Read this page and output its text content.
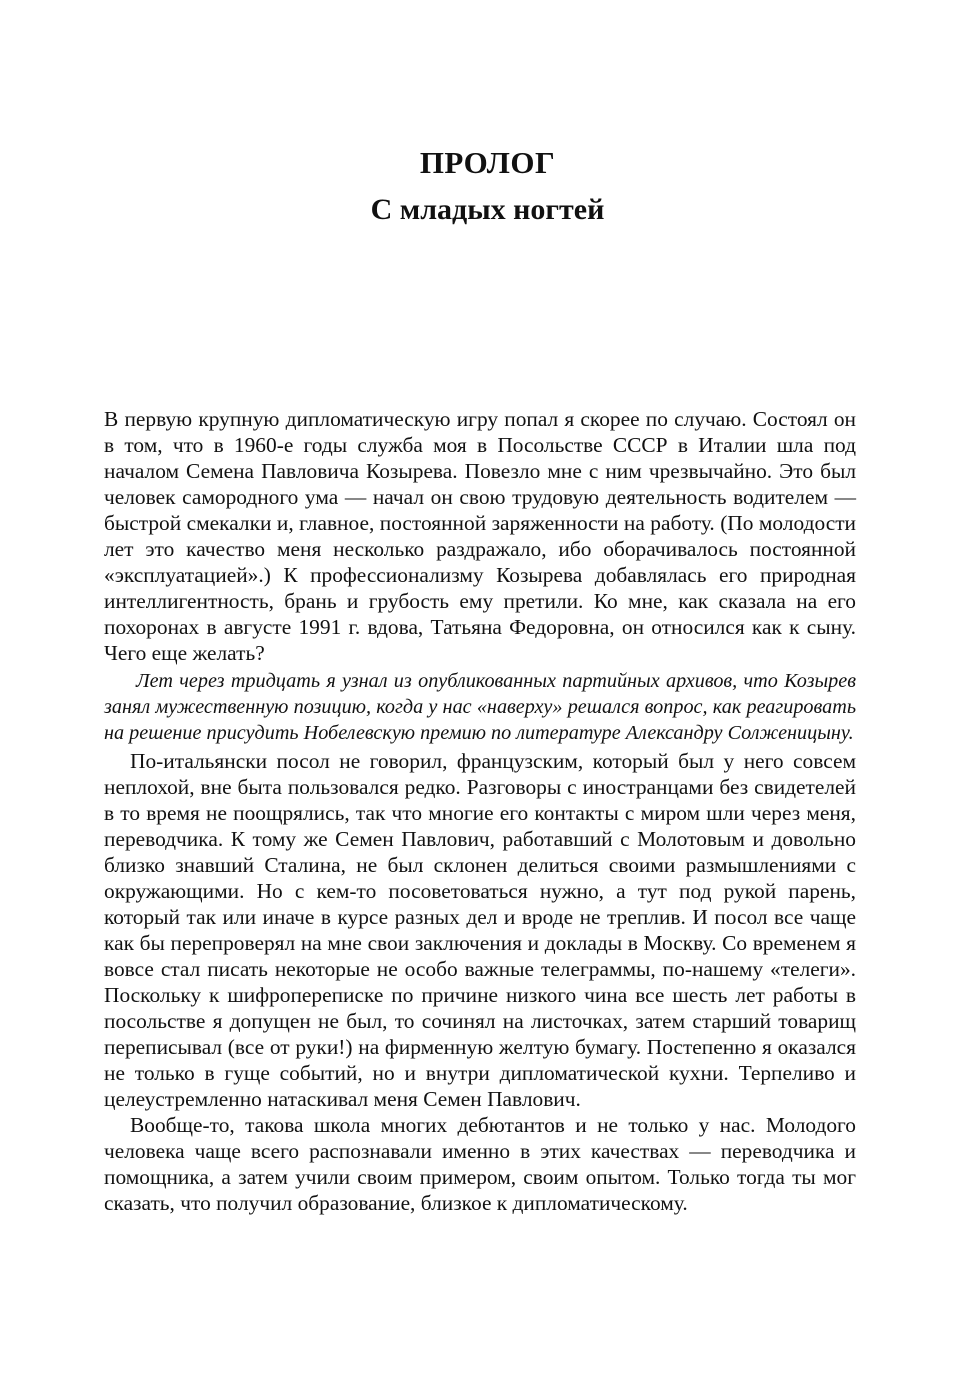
ПРОЛОГ
С младых ногтей

В первую крупную дипломатическую игру попал я скорее по случаю. Состоял он в том, что в 1960-е годы служба моя в Посольстве СССР в Италии шла под началом Семена Павловича Козырева. Повезло мне с ним чрезвычайно. Это был человек самородного ума — начал он свою трудовую деятельность водителем — быстрой смекалки и, главное, постоянной заряженности на работу. (По молодости лет это качество меня несколько раздражало, ибо оборачивалось постоянной «эксплуатацией».) К профессионализму Козырева добавлялась его природная интеллигентность, брань и грубость ему претили. Ко мне, как сказала на его похоронах в августе 1991 г. вдова, Татьяна Федоровна, он относился как к сыну. Чего еще желать?

Лет через тридцать я узнал из опубликованных партийных архивов, что Козырев занял мужественную позицию, когда у нас «наверху» решался вопрос, как реагировать на решение присудить Нобелевскую премию по литературе Александру Солженицыну.

По-итальянски посол не говорил, французским, который был у него совсем неплохой, вне быта пользовался редко. Разговоры с иностранцами без свидетелей в то время не поощрялись, так что многие его контакты с миром шли через меня, переводчика. К тому же Семен Павлович, работавший с Молотовым и довольно близко знавший Сталина, не был склонен делиться своими размышлениями с окружающими. Но с кем-то посоветоваться нужно, а тут под рукой парень, который так или иначе в курсе разных дел и вроде не треплив. И посол все чаще как бы перепроверял на мне свои заключения и доклады в Москву. Со временем я вовсе стал писать некоторые не особо важные телеграммы, по-нашему «телеги». Поскольку к шифропереписке по причине низкого чина все шесть лет работы в посольстве я допущен не был, то сочинял на листочках, затем старший товарищ переписывал (все от руки!) на фирменную желтую бумагу. Постепенно я оказался не только в гуще событий, но и внутри дипломатической кухни. Терпеливо и целеустремленно натаскивал меня Семен Павлович.

Вообще-то, такова школа многих дебютантов и не только у нас. Молодого человека чаще всего распознавали именно в этих качествах — переводчика и помощника, а затем учили своим примером, своим опытом. Только тогда ты мог сказать, что получил образование, близкое к дипломатическому.
